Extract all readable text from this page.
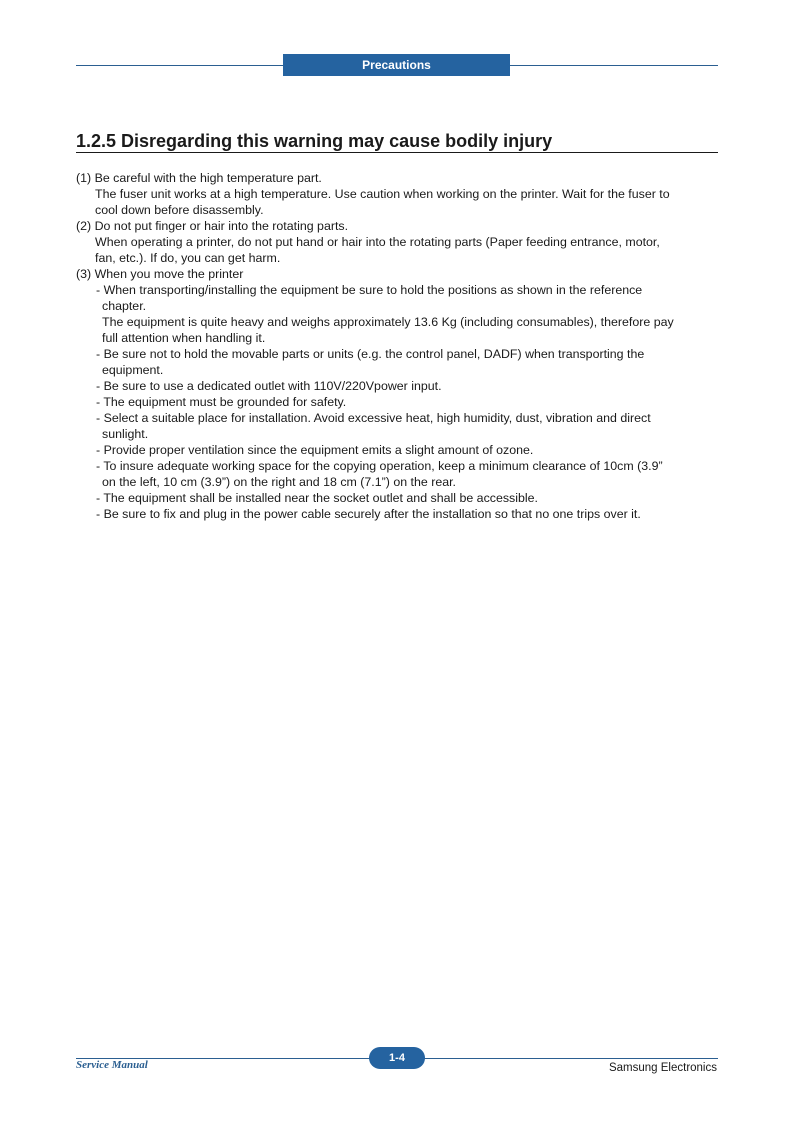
Precautions
1.2.5 Disregarding this warning may cause bodily injury
(1) Be careful with the high temperature part.
The fuser unit works at a high temperature. Use caution when working on the printer. Wait for the fuser to
cool down before disassembly.
(2) Do not put finger or hair into the rotating parts.
When operating a printer, do not put hand or hair into the rotating parts (Paper feeding entrance, motor,
fan, etc.). If do, you can get harm.
(3) When you move the printer
- When transporting/installing the equipment be sure to hold the positions as shown in the reference
chapter.
The equipment is quite heavy and weighs approximately 13.6 Kg (including consumables), therefore pay
full attention when handling it.
- Be sure not to hold the movable parts or units (e.g. the control panel, DADF) when transporting the
equipment.
- Be sure to use a dedicated outlet with 110V/220Vpower input.
- The equipment must be grounded for safety.
- Select a suitable place for installation. Avoid excessive heat, high humidity, dust, vibration and direct
sunlight.
- Provide proper ventilation since the equipment emits a slight amount of ozone.
- To insure adequate working space for the copying operation, keep a minimum clearance of 10cm (3.9”
on the left, 10 cm (3.9”) on the right and 18 cm (7.1”) on the rear.
- The equipment shall be installed near the socket outlet and shall be accessible.
- Be sure to fix and plug in the power cable securely after the installation so that no one trips over it.
Service Manual
1-4
Samsung Electronics
